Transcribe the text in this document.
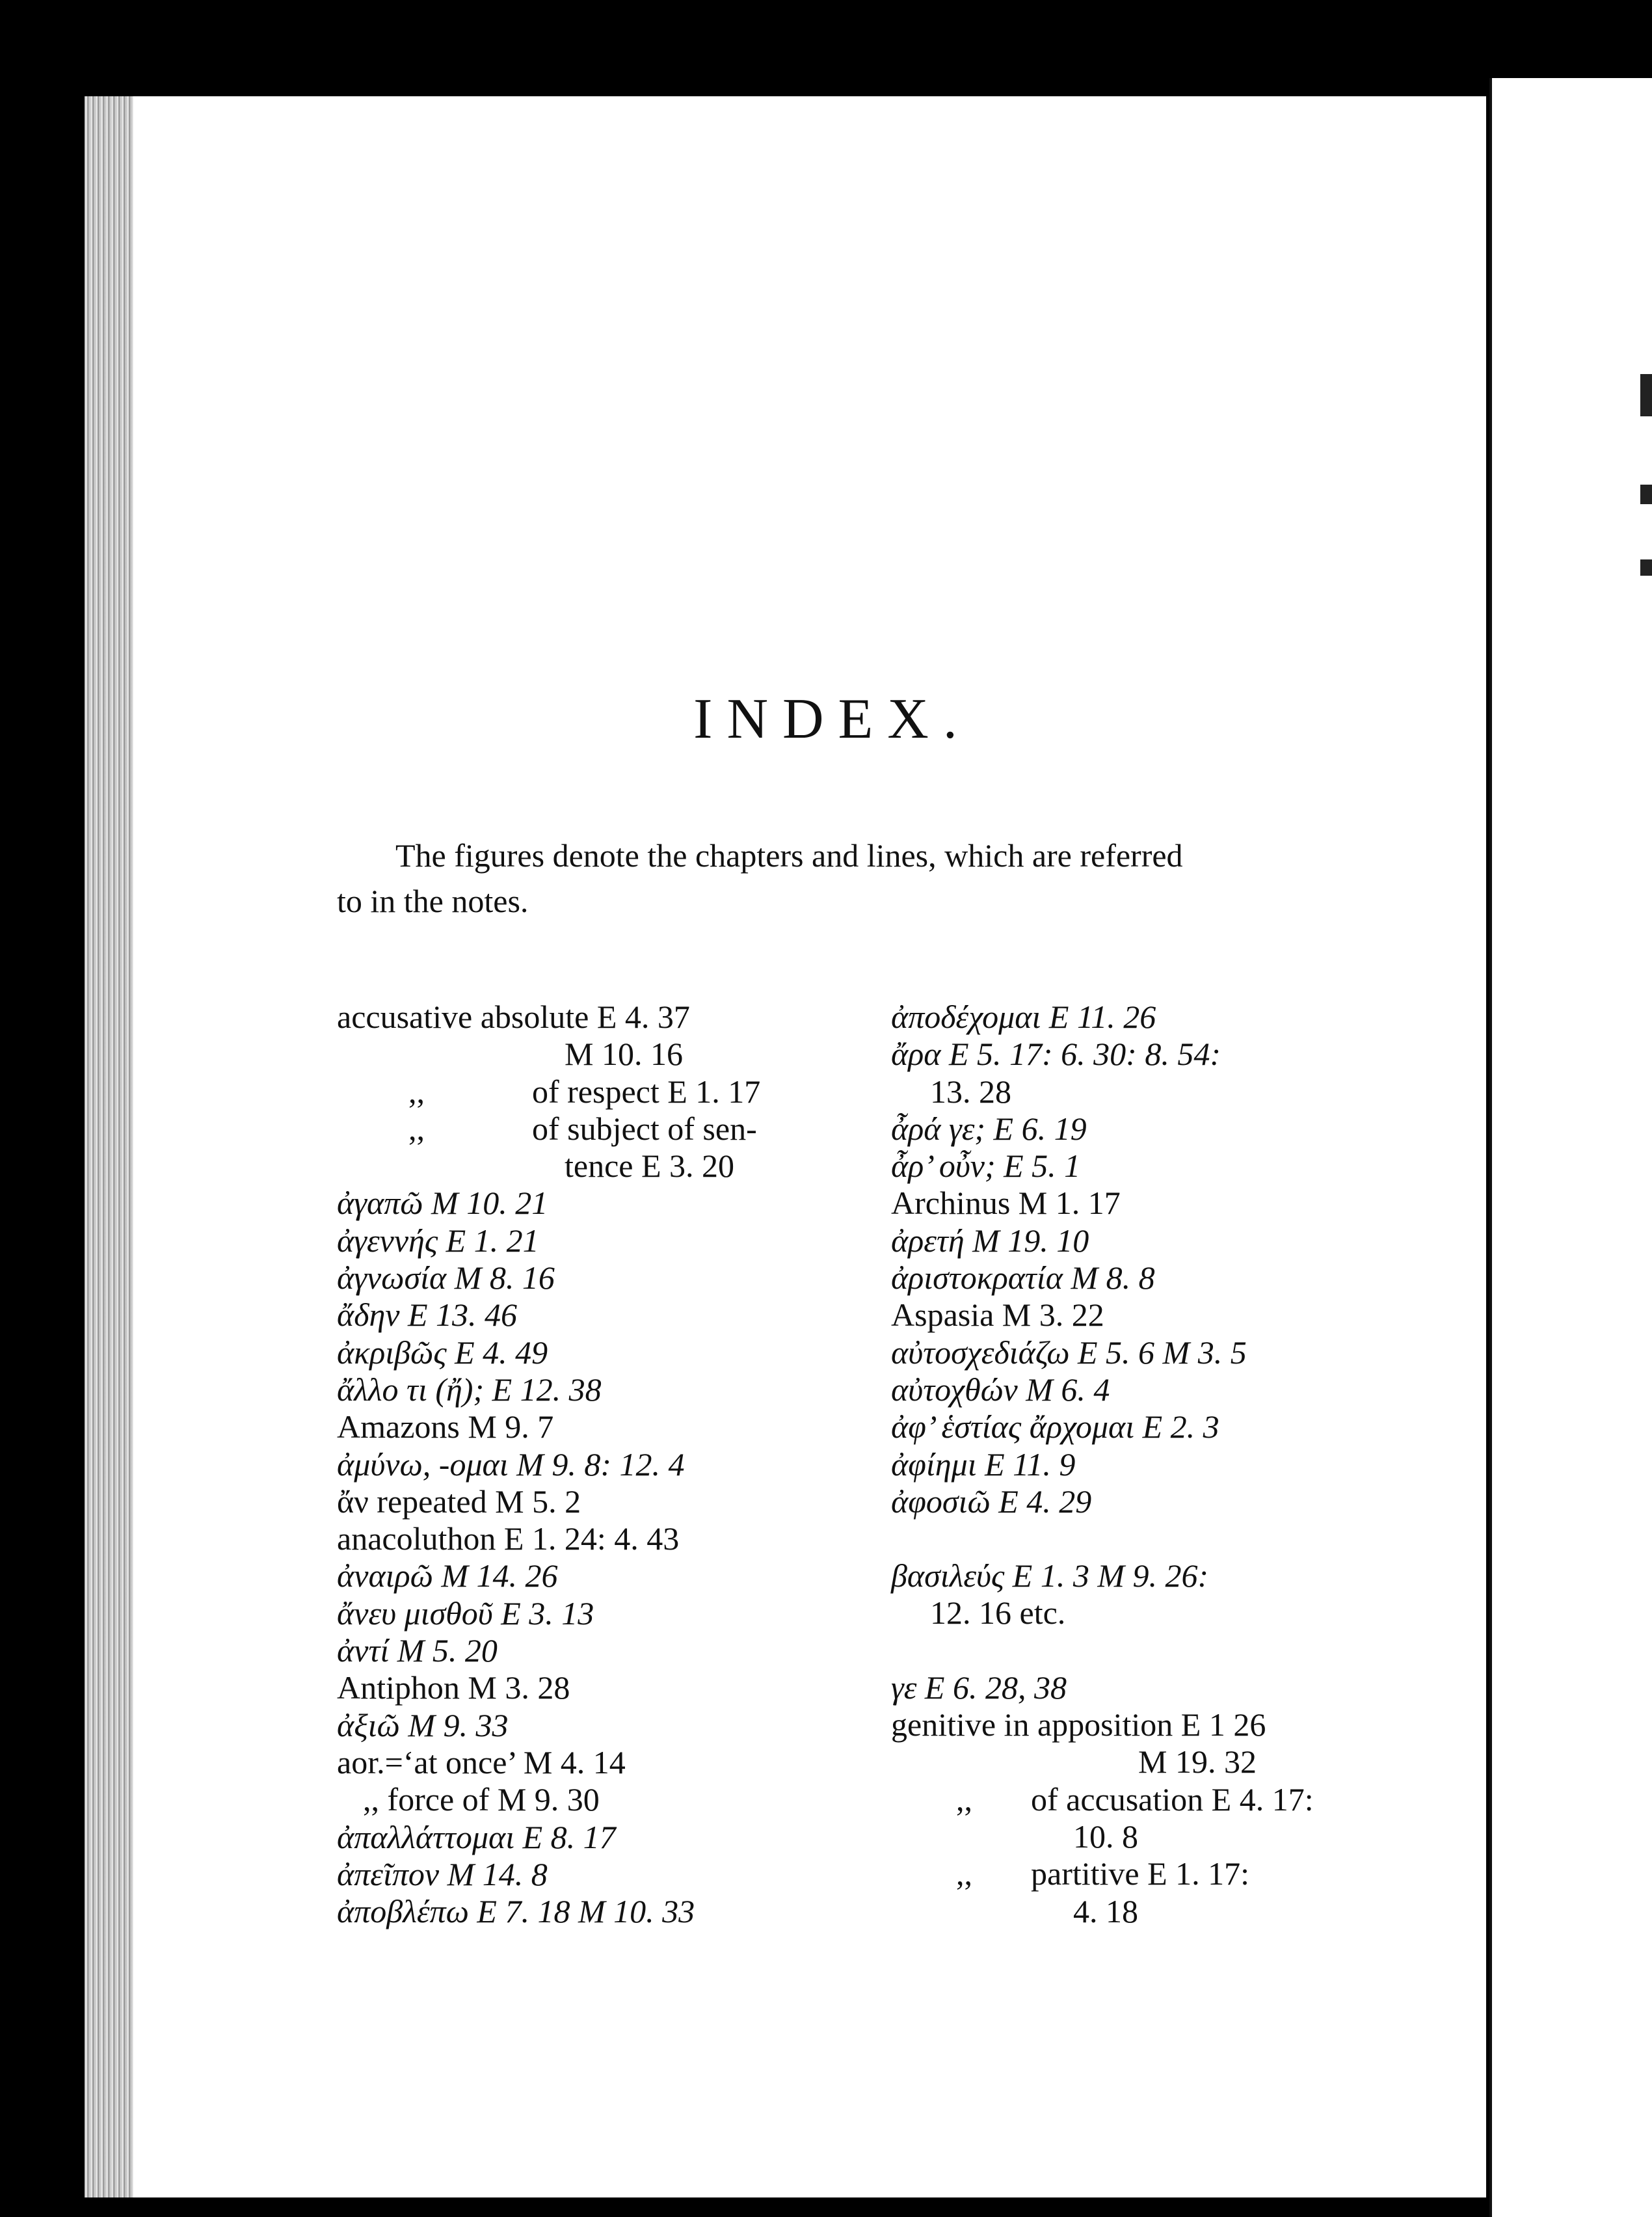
INDEX.
The figures denote the chapters and lines, which are referred
to in the notes.
accusative absolute E 4. 37
M 10. 16
,,	of respect E 1. 17
,,	of subject of sen-
tence E 3. 20
ἀγαπῶ M 10. 21
ἀγεννής E 1. 21
ἀγνωσία M 8. 16
ἄδην E 13. 46
ἀκριβῶς E 4. 49
ἄλλο τι (ἤ); E 12. 38
Amazons M 9. 7
ἀμύνω, -ομαι M 9. 8: 12. 4
ἄν repeated M 5. 2
anacoluthon E 1. 24: 4. 43
ἀναιρῶ M 14. 26
ἄνευ μισθοῦ E 3. 13
ἀντί M 5. 20
Antiphon M 3. 28
ἀξιῶ M 9. 33
aor.=‘at once’ M 4. 14
,, force of M 9. 30
ἀπαλλάττομαι E 8. 17
ἀπεῖπον M 14. 8
ἀποβλέπω E 7. 18 M 10. 33
ἀποδέχομαι E 11. 26
ἄρα E 5. 17: 6. 30: 8. 54:
13. 28
ἆρά γε; E 6. 19
ἆρ’ οὖν; E 5. 1
Archinus M 1. 17
ἀρετή M 19. 10
ἀριστοκρατία M 8. 8
Aspasia M 3. 22
αὐτοσχεδιάζω E 5. 6 M 3. 5
αὐτοχθών M 6. 4
ἀφ’ ἑστίας ἄρχομαι E 2. 3
ἀφίημι E 11. 9
ἀφοσιῶ E 4. 29
βασιλεύς E 1. 3 M 9. 26:
12. 16 etc.
γε E 6. 28, 38
genitive in apposition E 1 26
M 19. 32
,, of accusation E 4. 17:
10. 8
,, partitive E 1. 17:
4. 18
